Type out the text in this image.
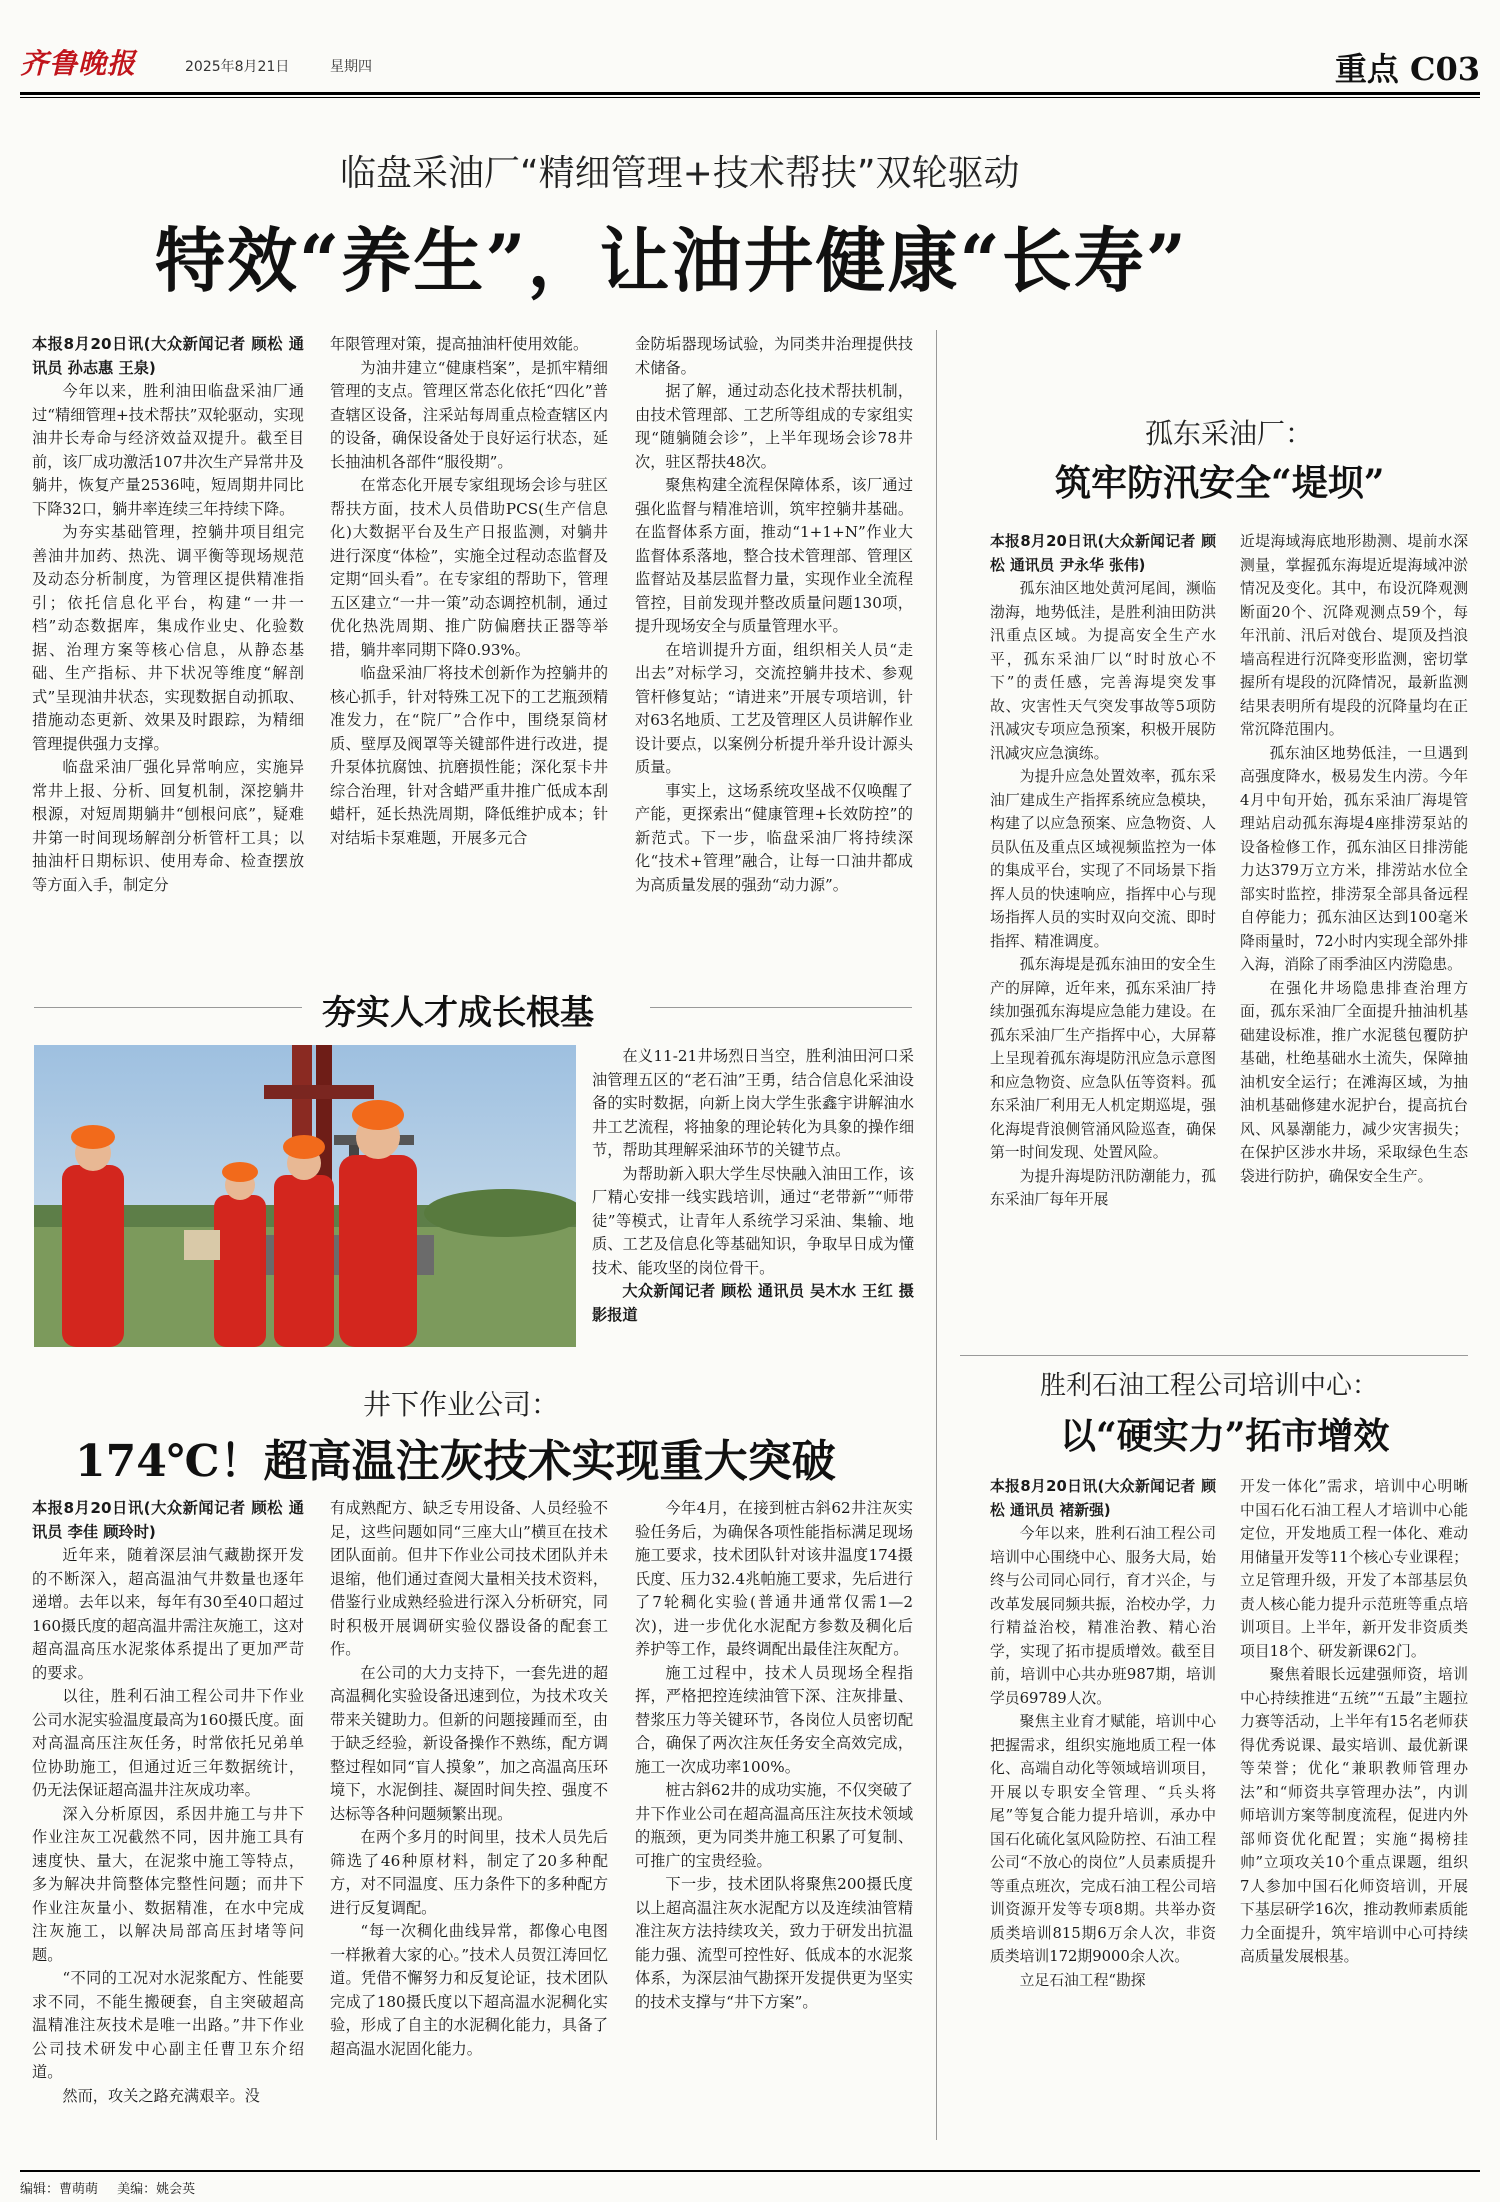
齐鲁晚报	2025年8月21日	星期四	重点 C03
临盘采油厂“精细管理+技术帮扶”双轮驱动
特效“养生”，让油井健康“长寿”

本报8月20日讯(大众新闻记者 顾松 通讯员 孙志惠 王泉)

今年以来，胜利油田临盘采油厂通过“精细管理+技术帮扶”双轮驱动，实现油井长寿命与经济效益双提升。截至目前，该厂成功激活107井次生产异常井及躺井，恢复产量2536吨，短周期井同比下降32口，躺井率连续三年持续下降。

为夯实基础管理，控躺井项目组完善油井加药、热洗、调平衡等现场规范及动态分析制度，为管理区提供精准指引；依托信息化平台，构建“一井一档”动态数据库，集成作业史、化验数据、治理方案等核心信息，从静态基础、生产指标、井下状况等维度“解剖式”呈现油井状态，实现数据自动抓取、措施动态更新、效果及时跟踪，为精细管理提供强力支撑。

临盘采油厂强化异常响应，实施异常井上报、分析、回复机制，深挖躺井根源，对短周期躺井“刨根问底”，疑难井第一时间现场解剖分析管杆工具；以抽油杆日期标识、使用寿命、检查摆放等方面入手，制定分

年限管理对策，提高抽油杆使用效能。

为油井建立“健康档案”，是抓牢精细管理的支点。管理区常态化依托“四化”普查辖区设备，注采站每周重点检查辖区内的设备，确保设备处于良好运行状态，延长抽油机各部件“服役期”。

在常态化开展专家组现场会诊与驻区帮扶方面，技术人员借助PCS(生产信息化)大数据平台及生产日报监测，对躺井进行深度“体检”，实施全过程动态监督及定期“回头看”。在专家组的帮助下，管理五区建立“一井一策”动态调控机制，通过优化热洗周期、推广防偏磨扶正器等举措，躺井率同期下降0.93%。

临盘采油厂将技术创新作为控躺井的核心抓手，针对特殊工况下的工艺瓶颈精准发力，在“院厂”合作中，围绕泵筒材质、壁厚及阀罩等关键部件进行改进，提升泵体抗腐蚀、抗磨损性能；深化泵卡井综合治理，针对含蜡严重井推广低成本刮蜡杆，延长热洗周期，降低维护成本；针对结垢卡泵难题，开展多元合

金防垢器现场试验，为同类井治理提供技术储备。

据了解，通过动态化技术帮扶机制，由技术管理部、工艺所等组成的专家组实现“随躺随会诊”，上半年现场会诊78井次，驻区帮扶48次。

聚焦构建全流程保障体系，该厂通过强化监督与精准培训，筑牢控躺井基础。在监督体系方面，推动“1+1+N”作业大监督体系落地，整合技术管理部、管理区监督站及基层监督力量，实现作业全流程管控，目前发现并整改质量问题130项，提升现场安全与质量管理水平。

在培训提升方面，组织相关人员“走出去”对标学习，交流控躺井技术、参观管杆修复站；“请进来”开展专项培训，针对63名地质、工艺及管理区人员讲解作业设计要点，以案例分析提升举升设计源头质量。

事实上，这场系统攻坚战不仅唤醒了产能，更探索出“健康管理+长效防控”的新范式。下一步，临盘采油厂将持续深化“技术+管理”融合，让每一口油井都成为高质量发展的强劲“动力源”。

夯实人才成长根基

在义11-21井场烈日当空，胜利油田河口采油管理五区的“老石油”王勇，结合信息化采油设备的实时数据，向新上岗大学生张鑫宇讲解油水井工艺流程，将抽象的理论转化为具象的操作细节，帮助其理解采油环节的关键节点。

为帮助新入职大学生尽快融入油田工作，该厂精心安排一线实践培训，通过“老带新”“师带徒”等模式，让青年人系统学习采油、集输、地质、工艺及信息化等基础知识，争取早日成为懂技术、能攻坚的岗位骨干。

大众新闻记者 顾松 通讯员 吴木水 王红 摄影报道

井下作业公司：
174℃！超高温注灰技术实现重大突破

本报8月20日讯(大众新闻记者 顾松 通讯员 李佳 顾玲时)

近年来，随着深层油气藏勘探开发的不断深入，超高温油气井数量也逐年递增。去年以来，每年有30至40口超过160摄氏度的超高温井需注灰施工，这对超高温高压水泥浆体系提出了更加严苛的要求。

以往，胜利石油工程公司井下作业公司水泥实验温度最高为160摄氏度。面对高温高压注灰任务，时常依托兄弟单位协助施工，但通过近三年数据统计，仍无法保证超高温井注灰成功率。

深入分析原因，系因井施工与井下作业注灰工况截然不同，因井施工具有速度快、量大，在泥浆中施工等特点，多为解决井筒整体完整性问题；而井下作业注灰量小、数据精准，在水中完成注灰施工，以解决局部高压封堵等问题。

“不同的工况对水泥浆配方、性能要求不同，不能生搬硬套，自主突破超高温精准注灰技术是唯一出路。”井下作业公司技术研发中心副主任曹卫东介绍道。

然而，攻关之路充满艰辛。没

有成熟配方、缺乏专用设备、人员经验不足，这些问题如同“三座大山”横亘在技术团队面前。但井下作业公司技术团队并未退缩，他们通过查阅大量相关技术资料，借鉴行业成熟经验进行深入分析研究，同时积极开展调研实验仪器设备的配套工作。

在公司的大力支持下，一套先进的超高温稠化实验设备迅速到位，为技术攻关带来关键助力。但新的问题接踵而至，由于缺乏经验，新设备操作不熟练，配方调整过程如同“盲人摸象”，加之高温高压环境下，水泥倒挂、凝固时间失控、强度不达标等各种问题频繁出现。

在两个多月的时间里，技术人员先后筛选了46种原材料，制定了20多种配方，对不同温度、压力条件下的多种配方进行反复调配。

“每一次稠化曲线异常，都像心电图一样揪着大家的心。”技术人员贺江涛回忆道。凭借不懈努力和反复论证，技术团队完成了180摄氏度以下超高温水泥稠化实验，形成了自主的水泥稠化能力，具备了超高温水泥固化能力。

今年4月，在接到桩古斜62井注灰实验任务后，为确保各项性能指标满足现场施工要求，技术团队针对该井温度174摄氏度、压力32.4兆帕施工要求，先后进行了7轮稠化实验(普通井通常仅需1—2次)，进一步优化水泥配方参数及稠化后养护等工作，最终调配出最佳注灰配方。

施工过程中，技术人员现场全程指挥，严格把控连续油管下深、注灰排量、替浆压力等关键环节，各岗位人员密切配合，确保了两次注灰任务安全高效完成，施工一次成功率100%。

桩古斜62井的成功实施，不仅突破了井下作业公司在超高温高压注灰技术领域的瓶颈，更为同类井施工积累了可复制、可推广的宝贵经验。

下一步，技术团队将聚焦200摄氏度以上超高温注灰水泥配方以及连续油管精准注灰方法持续攻关，致力于研发出抗温能力强、流型可控性好、低成本的水泥浆体系，为深层油气勘探开发提供更为坚实的技术支撑与“井下方案”。

孤东采油厂：
筑牢防汛安全“堤坝”

本报8月20日讯(大众新闻记者 顾松 通讯员 尹永华 张伟)

孤东油区地处黄河尾闾，濒临渤海，地势低洼，是胜利油田防洪汛重点区域。为提高安全生产水平，孤东采油厂以“时时放心不下”的责任感，完善海堤突发事故、灾害性天气突发事故等5项防汛减灾专项应急预案，积极开展防汛减灾应急演练。

为提升应急处置效率，孤东采油厂建成生产指挥系统应急模块，构建了以应急预案、应急物资、人员队伍及重点区域视频监控为一体的集成平台，实现了不同场景下指挥人员的快速响应，指挥中心与现场指挥人员的实时双向交流、即时指挥、精准调度。

孤东海堤是孤东油田的安全生产的屏障，近年来，孤东采油厂持续加强孤东海堤应急能力建设。在孤东采油厂生产指挥中心，大屏幕上呈现着孤东海堤防汛应急示意图和应急物资、应急队伍等资料。孤东采油厂利用无人机定期巡堤，强化海堤背浪侧管涌风险巡查，确保第一时间发现、处置风险。

为提升海堤防汛防潮能力，孤东采油厂每年开展

近堤海域海底地形勘测、堤前水深测量，掌握孤东海堤近堤海域冲淤情况及变化。其中，布设沉降观测断面20个、沉降观测点59个，每年汛前、汛后对戗台、堤顶及挡浪墙高程进行沉降变形监测，密切掌握所有堤段的沉降情况，最新监测结果表明所有堤段的沉降量均在正常沉降范围内。

孤东油区地势低洼，一旦遇到高强度降水，极易发生内涝。今年4月中旬开始，孤东采油厂海堤管理站启动孤东海堤4座排涝泵站的设备检修工作，孤东油区日排涝能力达379万立方米，排涝站水位全部实时监控，排涝泵全部具备远程自停能力；孤东油区达到100毫米降雨量时，72小时内实现全部外排入海，消除了雨季油区内涝隐患。

在强化井场隐患排查治理方面，孤东采油厂全面提升抽油机基础建设标准，推广水泥毯包覆防护基础，杜绝基础水土流失，保障抽油机安全运行；在滩海区域，为抽油机基础修建水泥护台，提高抗台风、风暴潮能力，减少灾害损失；在保护区涉水井场，采取绿色生态袋进行防护，确保安全生产。

胜利石油工程公司培训中心：
以“硬实力”拓市增效

本报8月20日讯(大众新闻记者 顾松 通讯员 褚新强)

今年以来，胜利石油工程公司培训中心围绕中心、服务大局，始终与公司同心同行，育才兴企，与改革发展同频共振，治校办学，力行精益治校，精准治教、精心治学，实现了拓市提质增效。截至目前，培训中心共办班987期，培训学员69789人次。

聚焦主业育才赋能，培训中心把握需求，组织实施地质工程一体化、高端自动化等领域培训项目，开展以专职安全管理、“兵头将尾”等复合能力提升培训，承办中国石化硫化氢风险防控、石油工程公司“不放心的岗位”人员素质提升等重点班次，完成石油工程公司培训资源开发等专项8期。共举办资质类培训815期6万余人次，非资质类培训172期9000余人次。

立足石油工程“勘探

开发一体化”需求，培训中心明晰中国石化石油工程人才培训中心能定位，开发地质工程一体化、难动用储量开发等11个核心专业课程；立足管理升级，开发了本部基层负责人核心能力提升示范班等重点培训项目。上半年，新开发非资质类项目18个、研发新课62门。

聚焦着眼长远建强师资，培训中心持续推进“五统”“五最”主题拉力赛等活动，上半年有15名老师获得优秀说课、最实培训、最优新课等荣誉；优化“兼职教师管理办法”和“师资共享管理办法”，内训师培训方案等制度流程，促进内外部师资优化配置；实施“揭榜挂帅”立项攻关10个重点课题，组织7人参加中国石化师资培训，开展下基层研学16次，推动教师素质能力全面提升，筑牢培训中心可持续高质量发展根基。

$_{编辑:曹萌萌}$ $_{美编:姚会英}$
